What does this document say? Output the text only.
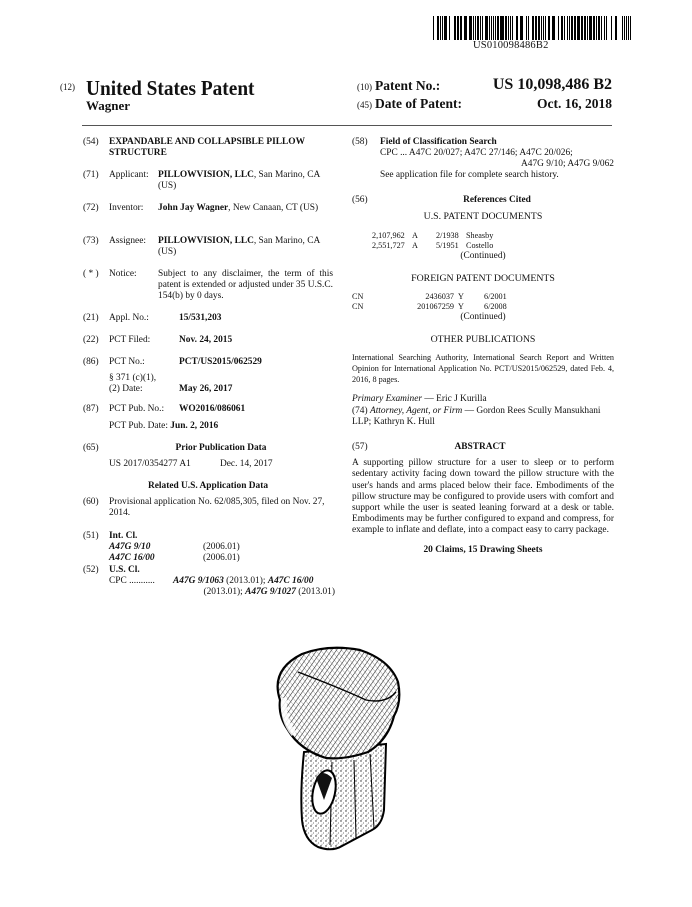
US010098486B2
(12) United States Patent
Wagner
(10) Patent No.:	US 10,098,486 B2
(45) Date of Patent:	Oct. 16, 2018
(54) EXPANDABLE AND COLLAPSIBLE PILLOW STRUCTURE
(71) Applicant: PILLOWVISION, LLC, San Marino, CA (US)
(72) Inventor: John Jay Wagner, New Canaan, CT (US)
(73) Assignee: PILLOWVISION, LLC, San Marino, CA (US)
( * ) Notice: Subject to any disclaimer, the term of this patent is extended or adjusted under 35 U.S.C. 154(b) by 0 days.
(21) Appl. No.:	15/531,203
(22) PCT Filed:	Nov. 24, 2015
(86) PCT No.:	PCT/US2015/062529
§ 371 (c)(1),
(2) Date:	May 26, 2017
(87) PCT Pub. No.: WO2016/086061
PCT Pub. Date: Jun. 2, 2016
(65)	Prior Publication Data
US 2017/0354277 A1	Dec. 14, 2017
Related U.S. Application Data
(60) Provisional application No. 62/085,305, filed on Nov. 27, 2014.
(51) Int. Cl.
A47G 9/10	(2006.01)
A47C 16/00	(2006.01)
(52) U.S. Cl.
CPC ........... A47G 9/1063 (2013.01); A47C 16/00
(2013.01); A47G 9/1027 (2013.01)
(58) Field of Classification Search
CPC ... A47C 20/027; A47C 27/146; A47C 20/026;
A47G 9/10; A47G 9/062
See application file for complete search history.
(56)	References Cited
U.S. PATENT DOCUMENTS
2,107,962 A 2/1938 Sheasby
2,551,727 A 5/1951 Costello
(Continued)
FOREIGN PATENT DOCUMENTS
CN	2436037 Y 6/2001
CN	201067259 Y 6/2008
(Continued)
OTHER PUBLICATIONS
International Searching Authority, International Search Report and Written Opinion for International Application No. PCT/US2015/062529, dated Feb. 4, 2016, 8 pages.
Primary Examiner — Eric J Kurilla
(74) Attorney, Agent, or Firm — Gordon Rees Scully Mansukhani LLP; Kathryn K. Hull
(57)	ABSTRACT
A supporting pillow structure for a user to sleep or to perform sedentary activity facing down toward the pillow structure with the user's hands and arms placed below their face. Embodiments of the pillow structure may be configured to provide users with comfort and support while the user is seated leaning forward at a desk or table. Embodiments may be further configured to expand and compress, for example to inflate and deflate, into a compact easy to carry package.
20 Claims, 15 Drawing Sheets
